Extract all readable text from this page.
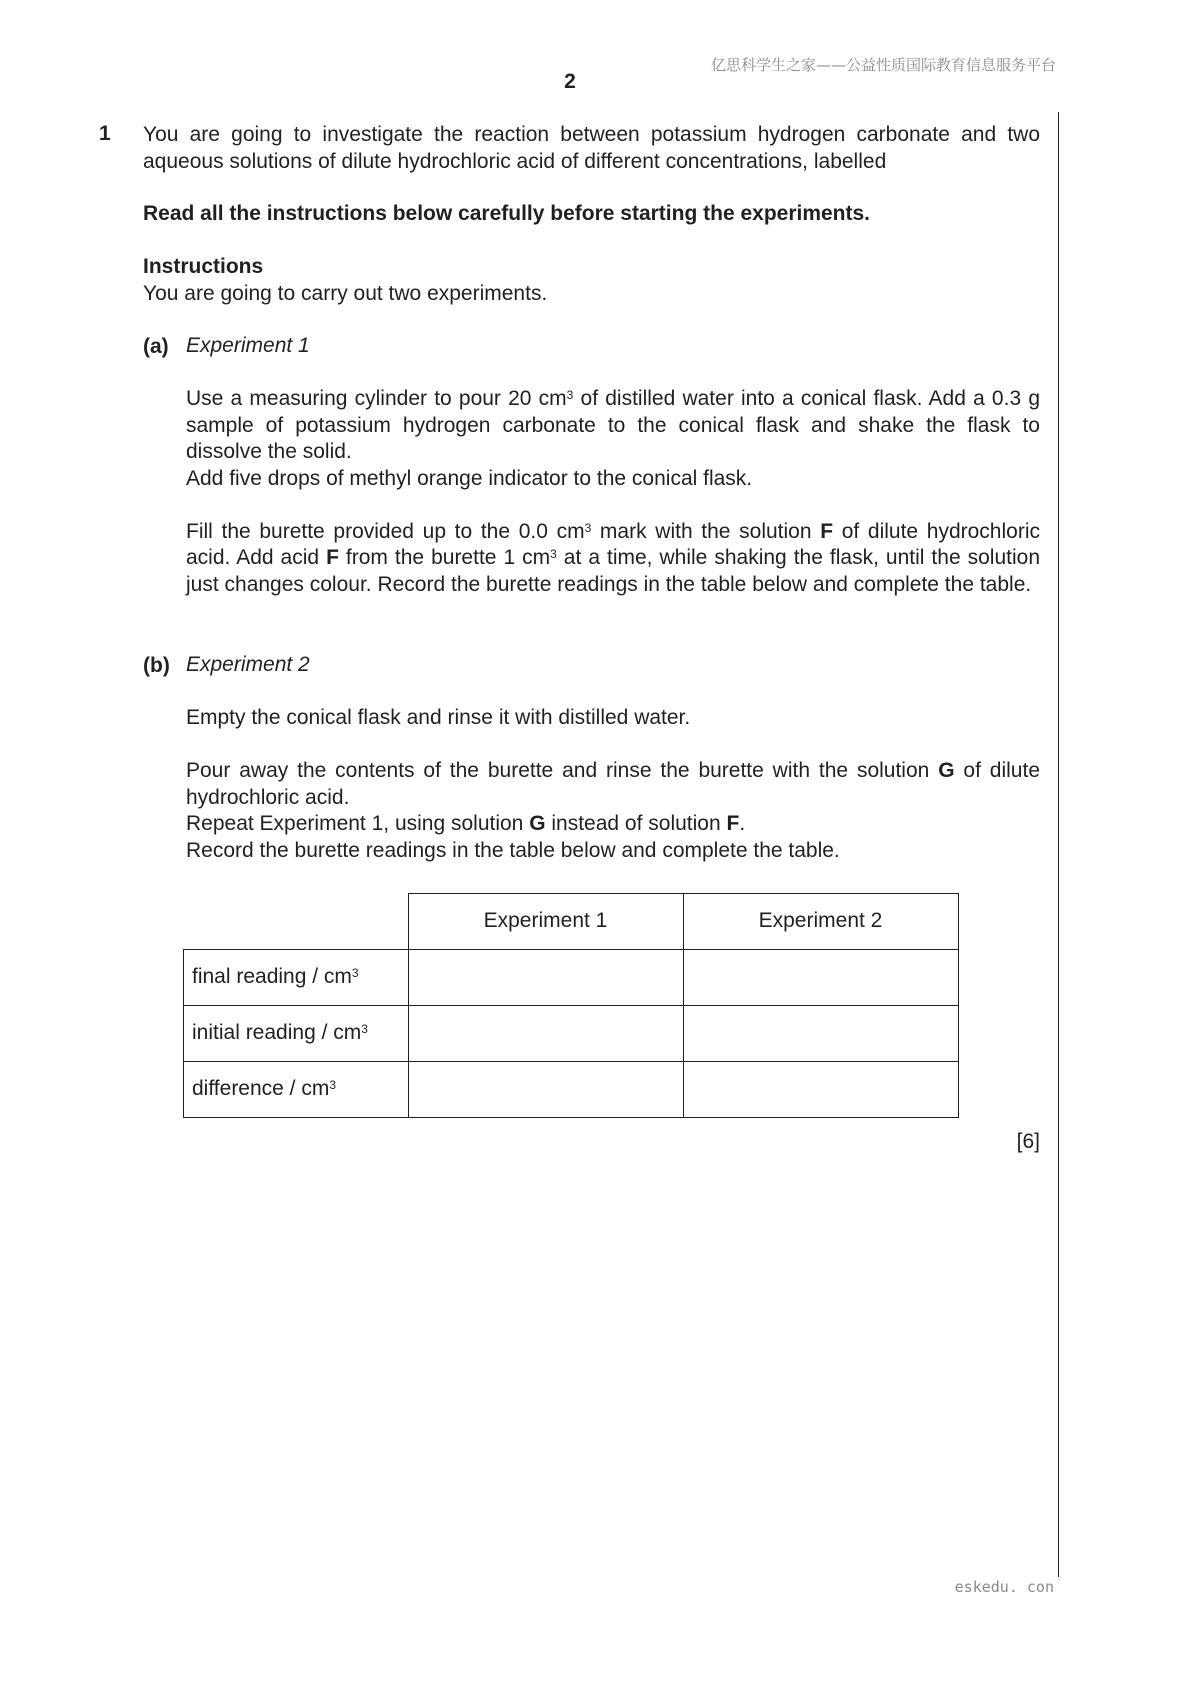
亿思科学生之家——公益性质国际教育信息服务平台
2
1 You are going to investigate the reaction between potassium hydrogen carbonate and two aqueous solutions of dilute hydrochloric acid of different concentrations, labelled

Read all the instructions below carefully before starting the experiments.

Instructions

You are going to carry out two experiments.

(a) Experiment 1

Use a measuring cylinder to pour 20 $cm^3$ of distilled water into a conical flask. Add a 0.3 g sample of potassium hydrogen carbonate to the conical flask and shake the flask to dissolve the solid.

Add five drops of methyl orange indicator to the conical flask.

Fill the burette provided up to the 0.0 $cm^3$ mark with the solution F of dilute hydrochloric acid. Add acid F from the burette 1 $cm^3$ at a time, while shaking the flask, until the solution just changes colour. Record the burette readings in the table below and complete the table.

(b) Experiment 2

Empty the conical flask and rinse it with distilled water.

Pour away the contents of the burette and rinse the burette with the solution G of dilute hydrochloric acid.

Repeat Experiment 1, using solution G instead of solution F.

Record the burette readings in the table below and complete the table.

	Experiment 1	Experiment 2
final reading / $cm^3$		
initial reading / $cm^3$		
difference / $cm^3$		
[6]
eskedu. con
